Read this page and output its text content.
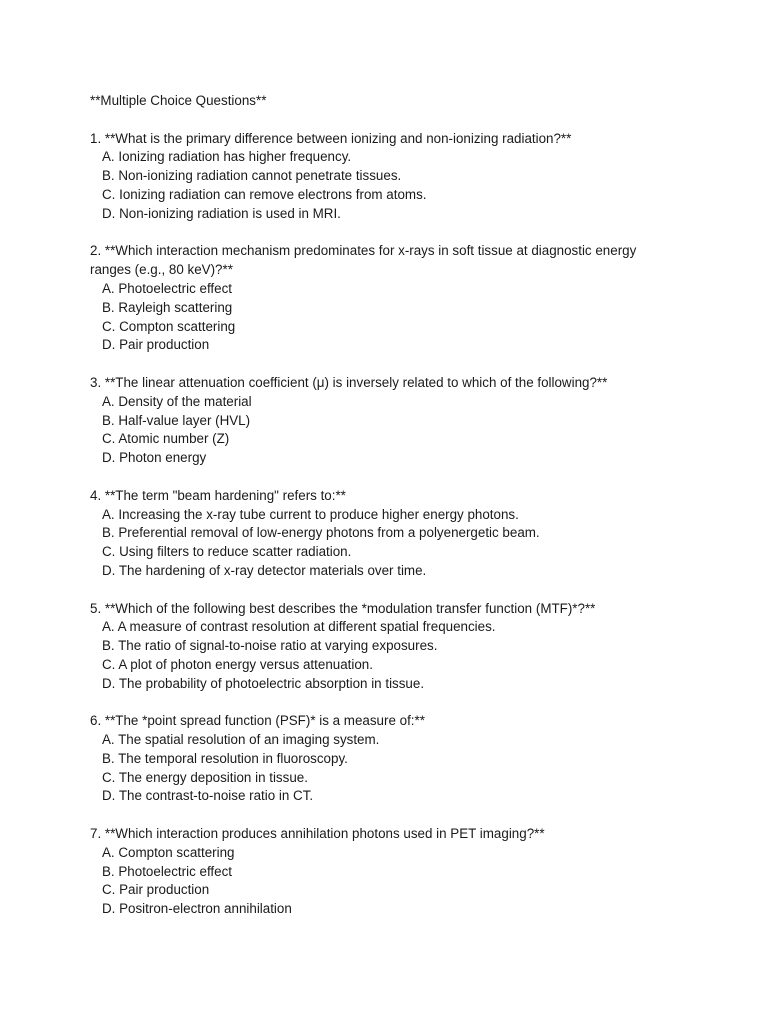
**Multiple Choice Questions**
1. **What is the primary difference between ionizing and non-ionizing radiation?**
A. Ionizing radiation has higher frequency.
B. Non-ionizing radiation cannot penetrate tissues.
C. Ionizing radiation can remove electrons from atoms.
D. Non-ionizing radiation is used in MRI.
2. **Which interaction mechanism predominates for x-rays in soft tissue at diagnostic energy ranges (e.g., 80 keV)?**
A. Photoelectric effect
B. Rayleigh scattering
C. Compton scattering
D. Pair production
3. **The linear attenuation coefficient (μ) is inversely related to which of the following?**
A. Density of the material
B. Half-value layer (HVL)
C. Atomic number (Z)
D. Photon energy
4. **The term "beam hardening" refers to:**
A. Increasing the x-ray tube current to produce higher energy photons.
B. Preferential removal of low-energy photons from a polyenergetic beam.
C. Using filters to reduce scatter radiation.
D. The hardening of x-ray detector materials over time.
5. **Which of the following best describes the *modulation transfer function (MTF)*?**
A. A measure of contrast resolution at different spatial frequencies.
B. The ratio of signal-to-noise ratio at varying exposures.
C. A plot of photon energy versus attenuation.
D. The probability of photoelectric absorption in tissue.
6. **The *point spread function (PSF)* is a measure of:**
A. The spatial resolution of an imaging system.
B. The temporal resolution in fluoroscopy.
C. The energy deposition in tissue.
D. The contrast-to-noise ratio in CT.
7. **Which interaction produces annihilation photons used in PET imaging?**
A. Compton scattering
B. Photoelectric effect
C. Pair production
D. Positron-electron annihilation
